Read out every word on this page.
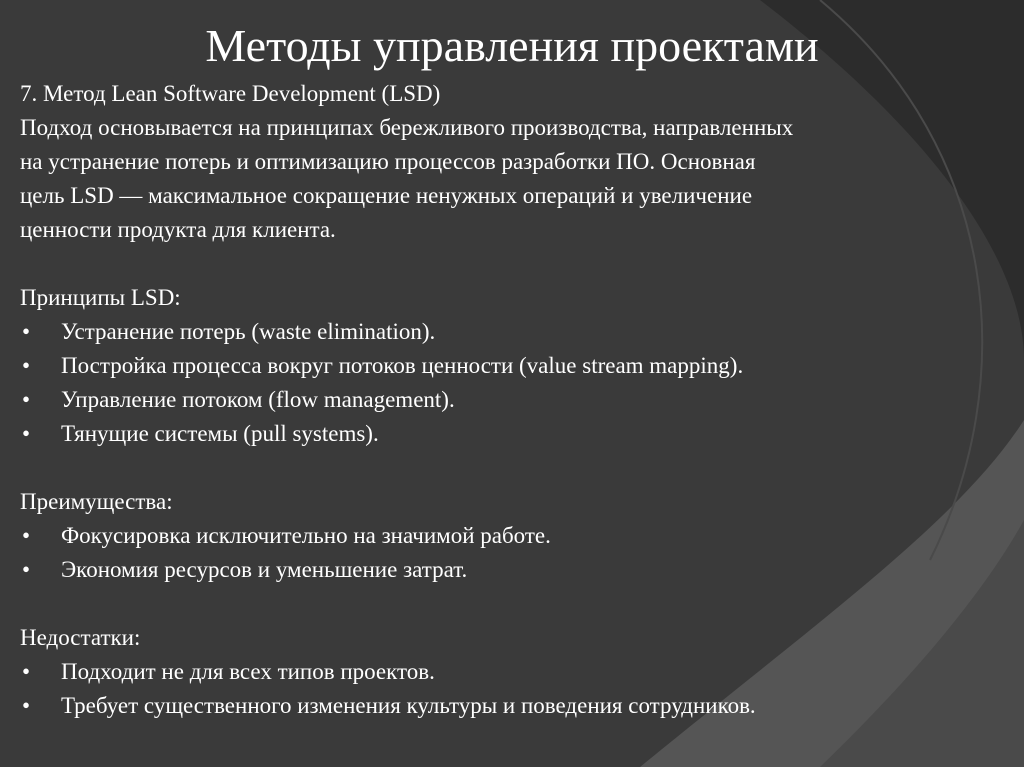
Методы управления проектами

7. Метод Lean Software Development (LSD)

Подход основывается на принципах бережливого производства, направленных

на устранение потерь и оптимизацию процессов разработки ПО. Основная

цель LSD — максимальное сокращение ненужных операций и увеличение

ценности продукта для клиента.

Принципы LSD:

•	Устранение потерь (waste elimination).
•	Постройка процесса вокруг потоков ценности (value stream mapping).
•	Управление потоком (flow management).
•	Тянущие системы (pull systems).

Преимущества:

•	Фокусировка исключительно на значимой работе.
•	Экономия ресурсов и уменьшение затрат.

Недостатки:

•	Подходит не для всех типов проектов.
•	Требует существенного изменения культуры и поведения сотрудников.
